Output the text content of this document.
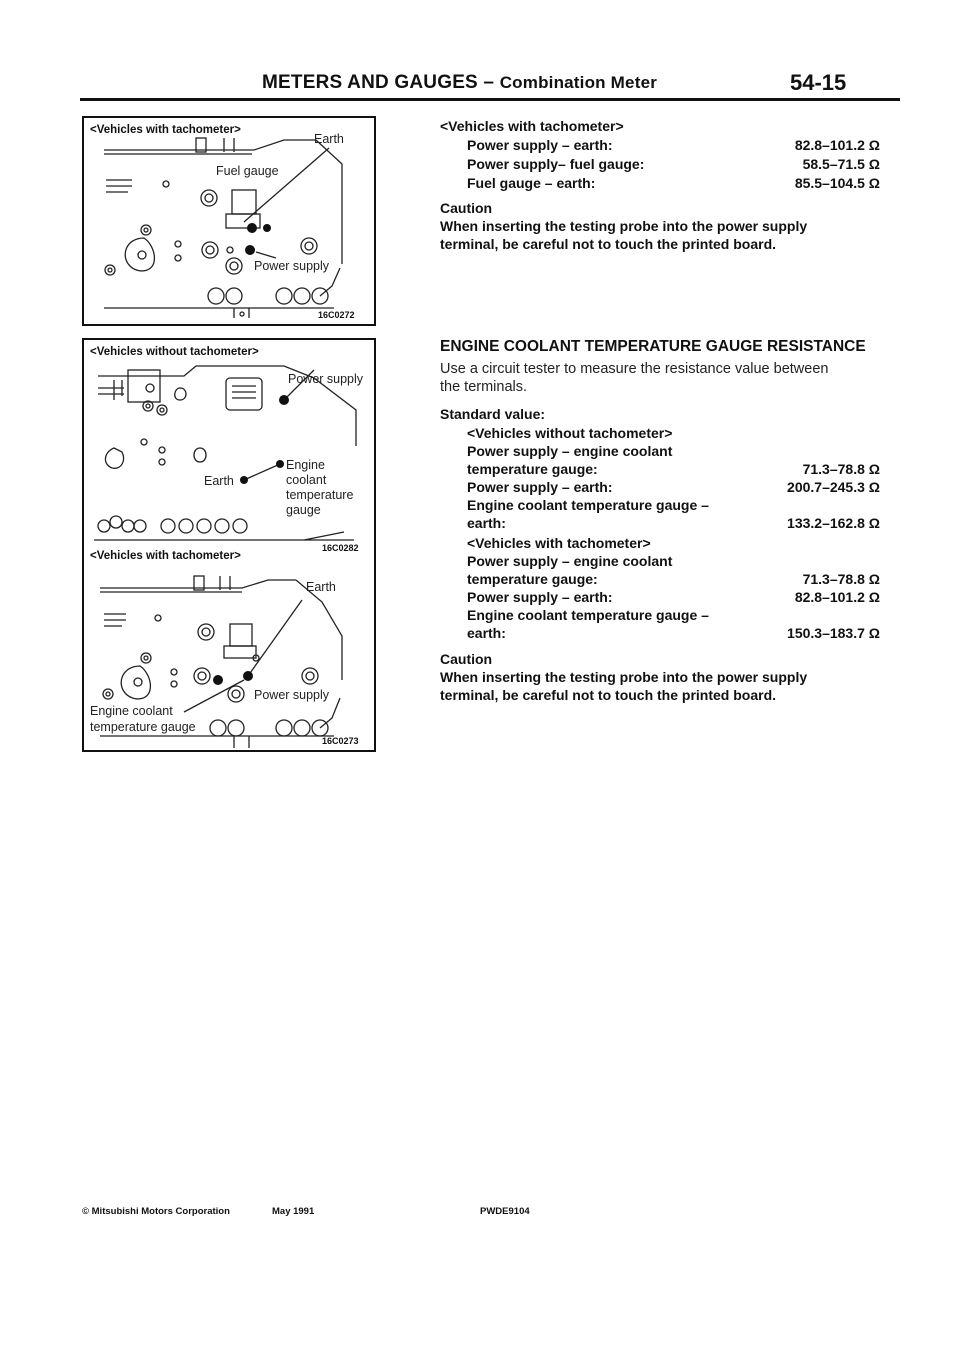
METERS AND GAUGES – Combination Meter	54-15
<Vehicles with tachometer>
Earth
Fuel gauge
Power supply
16C0272
<Vehicles without tachometer>
Power supply
Engine
coolant
temperature
gauge
Earth
16C0282
<Vehicles with tachometer>
Earth
Power supply
Engine coolant
temperature gauge
16C0273
<Vehicles with tachometer>
Power supply – earth:	82.8–101.2 Ω
Power supply– fuel gauge:	58.5–71.5 Ω
Fuel gauge – earth:	85.5–104.5 Ω
Caution
When inserting the testing probe into the power supply
terminal, be careful not to touch the printed board.
ENGINE COOLANT TEMPERATURE GAUGE RESISTANCE
Use a circuit tester to measure the resistance value between
the terminals.
Standard value:
<Vehicles without tachometer>
Power supply – engine coolant
temperature gauge:	71.3–78.8 Ω
Power supply – earth:	200.7–245.3 Ω
Engine coolant temperature gauge –
earth:	133.2–162.8 Ω
<Vehicles with tachometer>
Power supply – engine coolant
temperature gauge:	71.3–78.8 Ω
Power supply – earth:	82.8–101.2 Ω
Engine coolant temperature gauge –
earth:	150.3–183.7 Ω
Caution
When inserting the testing probe into the power supply
terminal, be careful not to touch the printed board.
© Mitsubishi Motors Corporation	May 1991	PWDE9104
